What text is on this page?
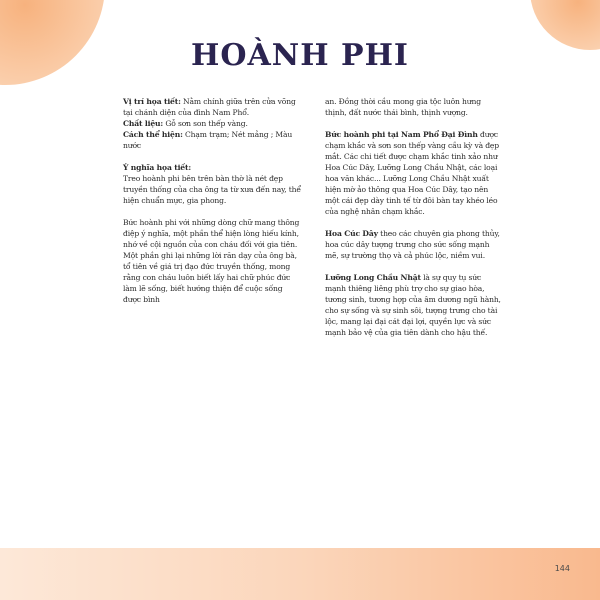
144
HOÀNH PHI

Vị trí họa tiết: Nằm chính giữa trên cửa võng tại chánh diện của đình Nam Phổ.

Chất liệu: Gỗ sơn son thếp vàng.

Cách thể hiện: Chạm trạm; Nét mảng ; Màu nước

Ý nghĩa họa tiết:
Treo hoành phi bên trên bàn thờ là nét đẹp truyền thống của cha ông ta từ xưa đến nay, thể hiện chuẩn mực, gia phong.

Bức hoành phi với những dòng chữ mang thông điệp ý nghĩa, một phần thể hiện lòng hiếu kính, nhớ về cội nguồn của con cháu đối với gia tiên. Một phần ghi lại những lời răn dạy của ông bà, tổ tiên về giá trị đạo đức truyền thống, mong rằng con cháu luôn biết lấy hai chữ phúc đức làm lẽ sống, biết hướng thiện để cuộc sống được bình

an. Đồng thời cầu mong gia tộc luôn hưng thịnh, đất nước thái bình, thịnh vượng.

Bức hoành phi tại Nam Phổ Đại Đình được chạm khắc và sơn son thếp vàng cầu kỳ và đẹp mắt. Các chi tiết được chạm khắc tinh xảo như Hoa Cúc Dây, Lưỡng Long Chầu Nhật, các loại hoa văn khác... Lưỡng Long Chầu Nhật xuất hiện mờ ảo thông qua Hoa Cúc Dây, tạo nên một cái đẹp dày tinh tế từ đôi bàn tay khéo léo của nghệ nhân chạm khắc.

Hoa Cúc Dây theo các chuyên gia phong thủy, hoa cúc dây tượng trưng cho sức sống mạnh mẽ, sự trường thọ và cả phúc lộc, niềm vui.

Lưỡng Long Chầu Nhật là sự quy tụ sức mạnh thiêng liêng phù trợ cho sự giao hòa, tương sinh, tương hợp của âm dương ngũ hành, cho sự sống và sự sinh sôi, tượng trưng cho tài lộc, mang lại đại cát đại lợi, quyền lực và sức mạnh bảo vệ của gia tiên dành cho hậu thế.
